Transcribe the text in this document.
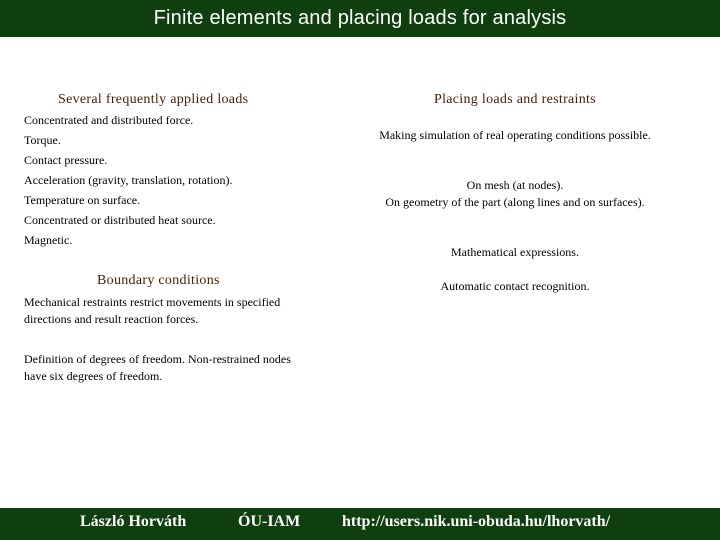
Finite elements and placing loads for analysis
Several frequently applied loads
Concentrated and distributed force.
Torque.
Contact pressure.
Acceleration (gravity, translation, rotation).
Temperature on surface.
Concentrated or distributed heat source.
Magnetic.
Boundary conditions
Mechanical restraints restrict movements in specified directions and result reaction forces.
Definition of degrees of freedom. Non-restrained nodes have six degrees of freedom.
Placing loads and restraints
Making simulation of real operating conditions possible.
On mesh (at nodes).
On geometry of the part (along lines and on surfaces).
Mathematical expressions.
Automatic contact recognition.
László Horváth	ÓU-IAM	http://users.nik.uni-obuda.hu/lhorvath/
